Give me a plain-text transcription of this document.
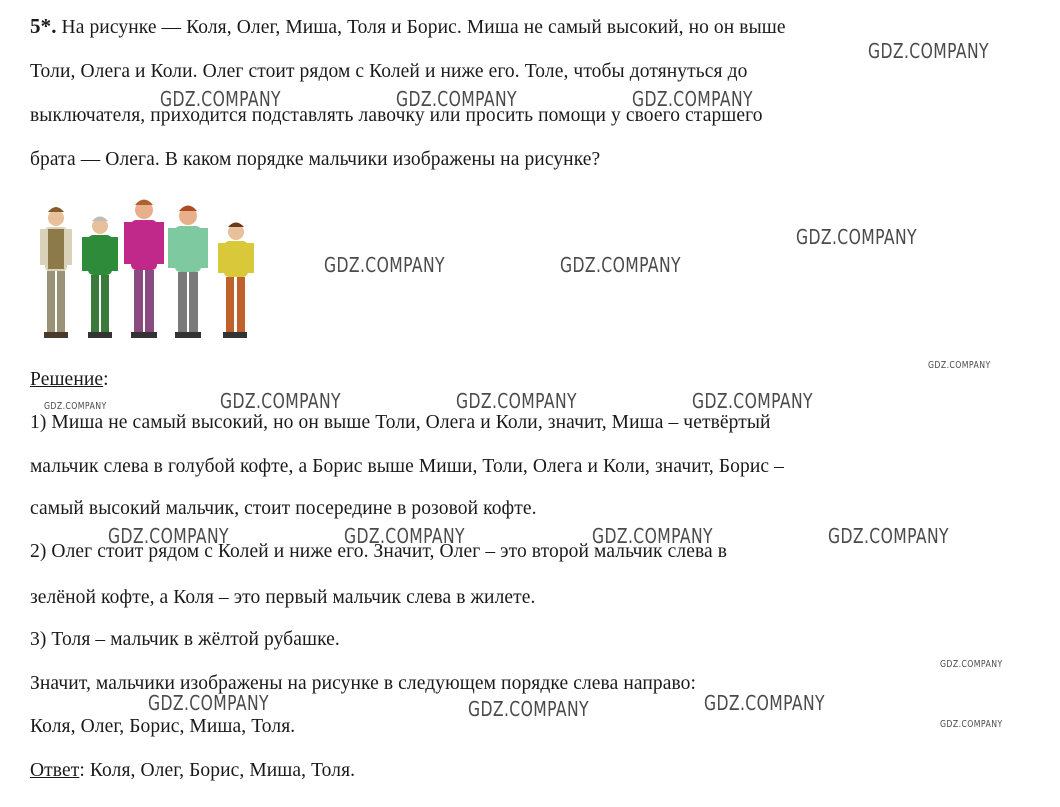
5*. На рисунке — Коля, Олег, Миша, Толя и Борис. Миша не самый высокий, но он выше
Толи, Олега и Коли. Олег стоит рядом с Колей и ниже его. Толе, чтобы дотянуться до
выключателя, приходится подставлять лавочку или просить помощи у своего старшего
брата — Олега. В каком порядке мальчики изображены на рисунке?
Решение:
1) Миша не самый высокий, но он выше Толи, Олега и Коли, значит, Миша – четвёртый
мальчик слева в голубой кофте, а Борис выше Миши, Толи, Олега и Коли, значит, Борис –
самый высокий мальчик, стоит посередине в розовой кофте.
2) Олег стоит рядом с Колей и ниже его. Значит, Олег – это второй мальчик слева в
зелёной кофте, а Коля – это первый мальчик слева в жилете.
3) Толя – мальчик в жёлтой рубашке.
Значит, мальчики изображены на рисунке в следующем порядке слева направо:
Коля, Олег, Борис, Миша, Толя.
Ответ: Коля, Олег, Борис, Миша, Толя.
GDZ.COMPANY
GDZ.COMPANY	GDZ.COMPANY	GDZ.COMPANY
GDZ.COMPANY
GDZ.COMPANY	GDZ.COMPANY
GDZ.COMPANY
GDZ.COMPANY	GDZ.COMPANY	GDZ.COMPANY	GDZ.COMPANY
GDZ.COMPANY	GDZ.COMPANY	GDZ.COMPANY	GDZ.COMPANY
GDZ.COMPANY
GDZ.COMPANY	GDZ.COMPANY	GDZ.COMPANY
GDZ.COMPANY
